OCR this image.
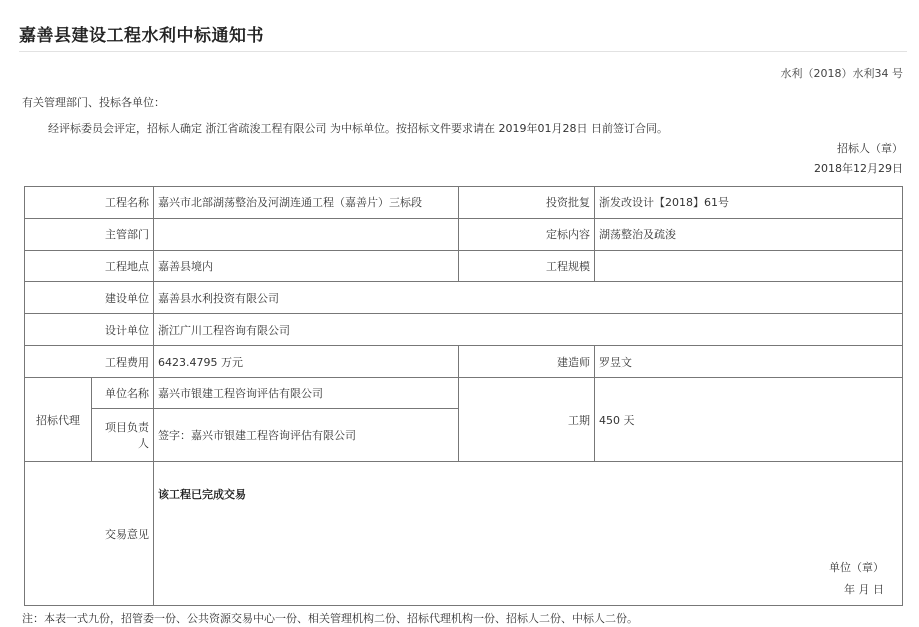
嘉善县建设工程水利中标通知书
水利（2018）水利34 号
有关管理部门、投标各单位：
经评标委员会评定，招标人确定 浙江省疏浚工程有限公司 为中标单位。按招标文件要求请在 2019年01月28日 日前签订合同。
招标人（章）
2018年12月29日
工程名称		嘉兴市北部湖荡整治及河湖连通工程（嘉善片）三标段	投资批复	浙发改设计【2018】61号
主管部门			定标内容	湖荡整治及疏浚
工程地点		嘉善县境内	工程规模	
建设单位		嘉善县水利投资有限公司		
设计单位		浙江广川工程咨询有限公司		
工程费用		6423.4795 万元	建造师	罗昱文
招标代理	单位名称	嘉兴市银建工程咨询评估有限公司	工期	450 天
	项目负责人	签字：嘉兴市银建工程咨询评估有限公司		
交易意见		该工程已完成交易
单位（章）
年 月 日		
注：本表一式九份，招管委一份、公共资源交易中心一份、相关管理机构二份、招标代理机构一份、招标人二份、中标人二份。
